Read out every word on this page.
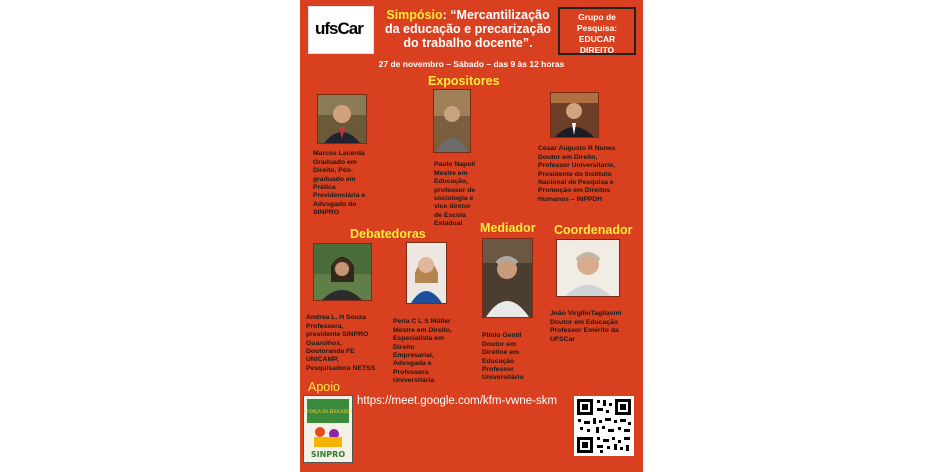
ufsCar
Simpósio: “Mercantilização da educação e precarização do trabalho docente”.
Grupo de
Pesquisa:
EDUCAR
DIREITO
27 de novembro – Sábado – das 9 às 12 horas
Expositores

Marcos Lacerda
Graduado em
Direito, Pós-
graduado em
Prática
Previdenciária e
Advogado do
SINPRO

Paulo Napoli
Mestre em
Educação,
professor de
sociologia e
vice diretor
de Escola
Estadual

Cesar Augusto R Nunes
Doutor em Direito,
Professor Universitário,
Presidente do Instituto
Nacional de Pesquisa e
Promoção em Direitos
Humanos – INPPDH

Debatedoras	Mediador Coordenador

Andrea L. H Souza
Professora,
presidente SINPRO
Guarulhos,
Doutoranda FE
UNICAMP,
Pesquisadora NETSS

Perla C L S Müller
Mestre em Direito,
Especialista em
Direito
Empresarial,
Advogada e
Professora
Universitária

Plínio Gentil
Doutor em
Direitoe em
Educação
Professor
Universitário

João VirgílioTagliavini
Doutor em Educação
Professor Emérito da
UFSCar

Apoio
A FORÇA DO EDUCADOR
SINPRO
https://meet.google.com/kfm-vwne-skm
